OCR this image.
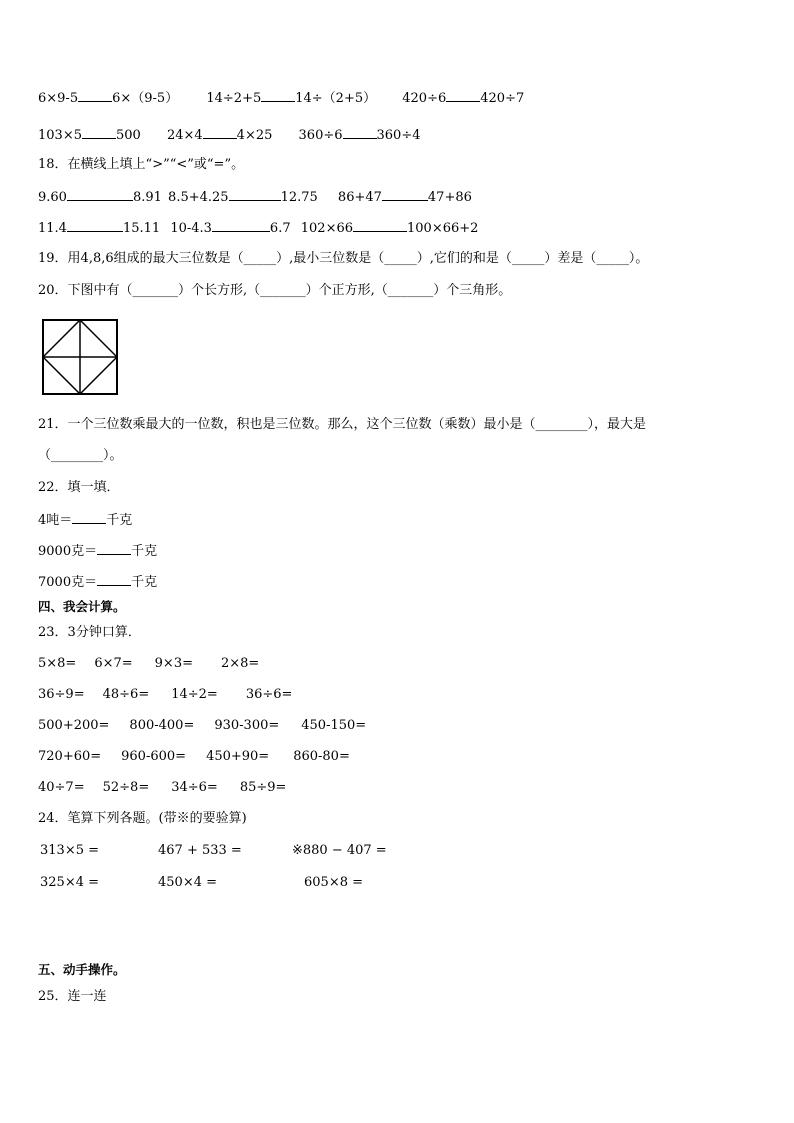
6×9-5	6×（9-5） 14÷2+5	14÷（2+5） 420÷6	420÷7
103×5	500 24×4	4×25 360÷6	360÷4
18．在横线上填上“>”“<”或“=”。
9.60	8.91 8.5+4.25	12.75 86+47	47+86
11.4	15.11 10-4.3	6.7 102×66	100×66+2
19．用4,8,6组成的最大三位数是（_____）,最小三位数是（_____）,它们的和是（_____）差是（_____）。
20．下图中有（_______）个长方形,（_______）个正方形,（_______）个三角形。
21．一个三位数乘最大的一位数，积也是三位数。那么，这个三位数（乘数）最小是（________），最大是
（________）。
22．填一填．
4吨＝	千克
9000克＝	千克
7000克＝	千克
四、我会计算。
23．3分钟口算．
5×8= 6×7= 9×3= 2×8=
36÷9= 48÷6= 14÷2= 36÷6=
500+200= 800-400= 930-300= 450-150=
720+60= 960-600= 450+90= 860-80=
40÷7= 52÷8= 34÷6= 85÷9=
24．笔算下列各题。(带※的要验算)
313×5 =	467 + 533 =	※880 − 407 =
325×4 =	450×4 =	605×8 =
五、动手操作。
25．连一连
